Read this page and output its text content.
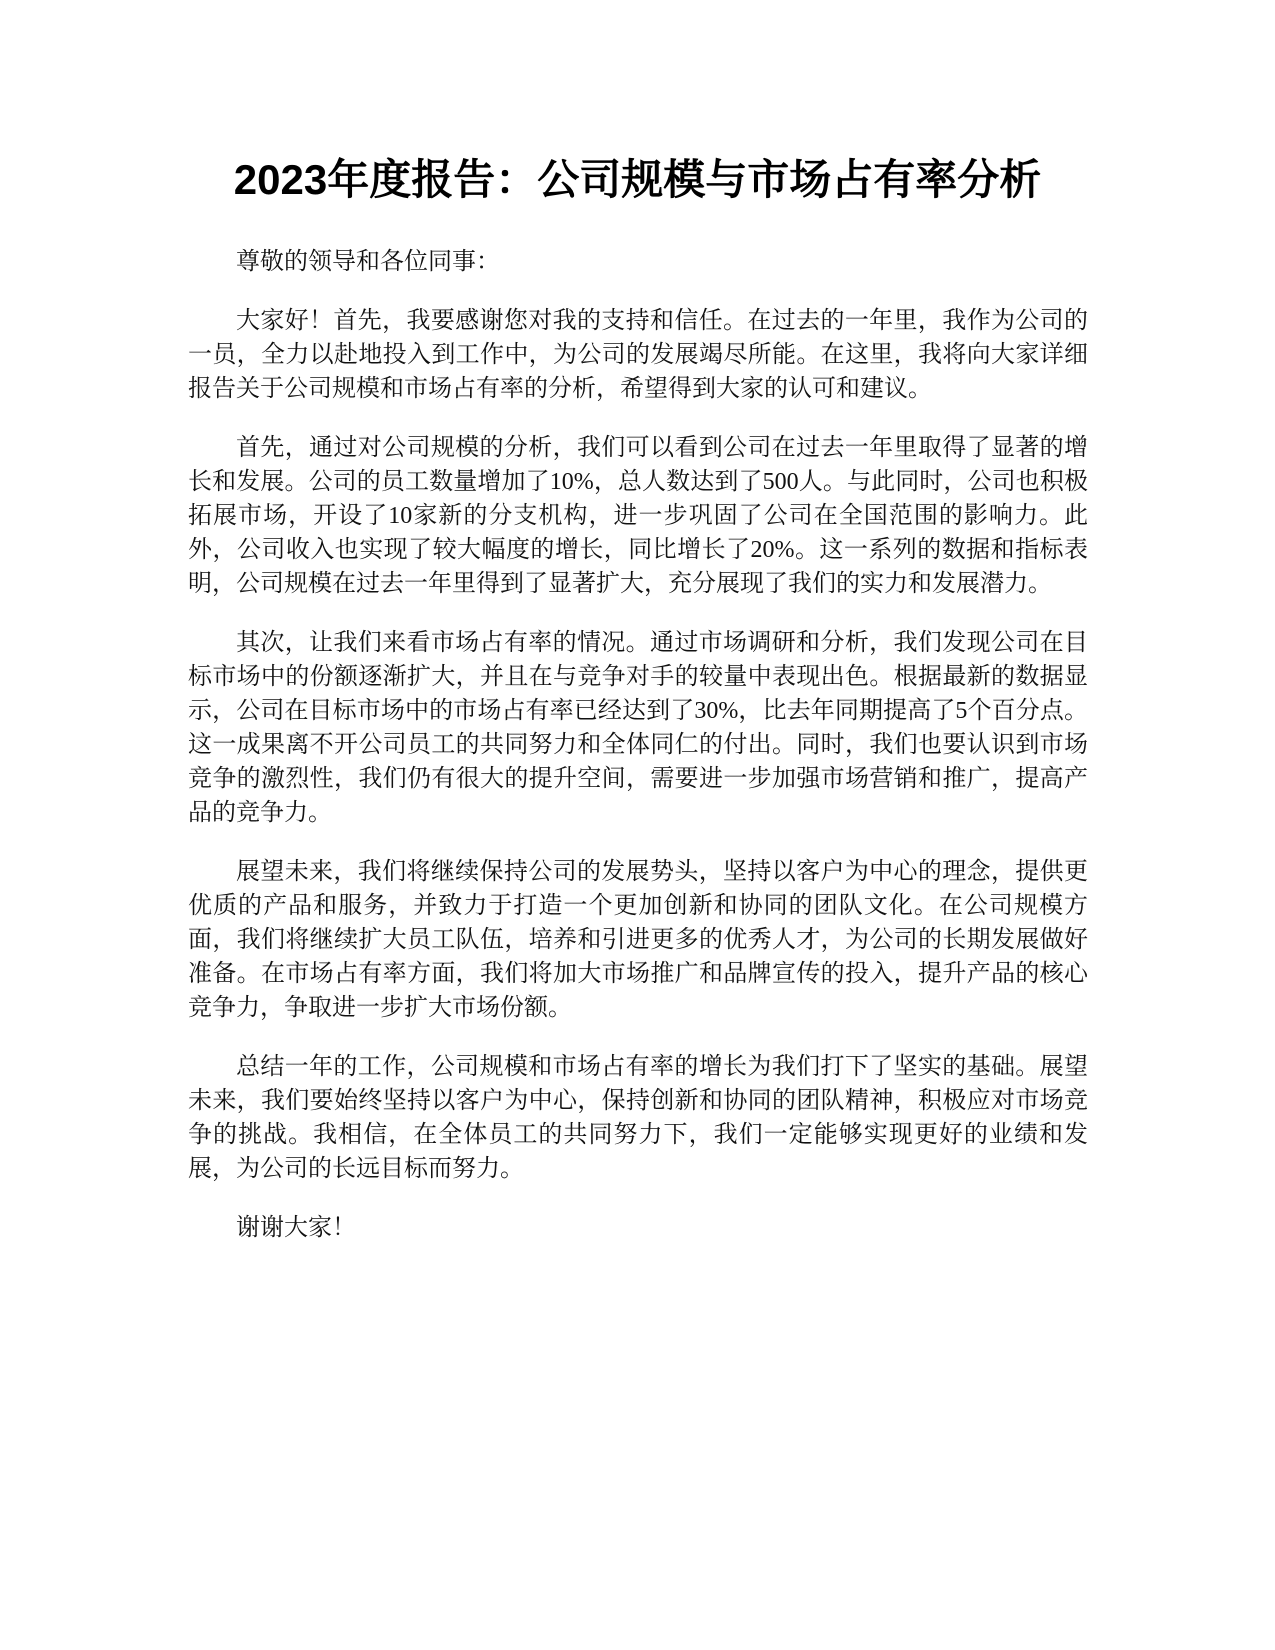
2023年度报告：公司规模与市场占有率分析

尊敬的领导和各位同事：

大家好！首先，我要感谢您对我的支持和信任。在过去的一年里，我作为公司的一员，全力以赴地投入到工作中，为公司的发展竭尽所能。在这里，我将向大家详细报告关于公司规模和市场占有率的分析，希望得到大家的认可和建议。

首先，通过对公司规模的分析，我们可以看到公司在过去一年里取得了显著的增长和发展。公司的员工数量增加了10%，总人数达到了500人。与此同时，公司也积极拓展市场，开设了10家新的分支机构，进一步巩固了公司在全国范围的影响力。此外，公司收入也实现了较大幅度的增长，同比增长了20%。这一系列的数据和指标表明，公司规模在过去一年里得到了显著扩大，充分展现了我们的实力和发展潜力。

其次，让我们来看市场占有率的情况。通过市场调研和分析，我们发现公司在目标市场中的份额逐渐扩大，并且在与竞争对手的较量中表现出色。根据最新的数据显示，公司在目标市场中的市场占有率已经达到了30%，比去年同期提高了5个百分点。这一成果离不开公司员工的共同努力和全体同仁的付出。同时，我们也要认识到市场竞争的激烈性，我们仍有很大的提升空间，需要进一步加强市场营销和推广，提高产品的竞争力。

展望未来，我们将继续保持公司的发展势头，坚持以客户为中心的理念，提供更优质的产品和服务，并致力于打造一个更加创新和协同的团队文化。在公司规模方面，我们将继续扩大员工队伍，培养和引进更多的优秀人才，为公司的长期发展做好准备。在市场占有率方面，我们将加大市场推广和品牌宣传的投入，提升产品的核心竞争力，争取进一步扩大市场份额。

总结一年的工作，公司规模和市场占有率的增长为我们打下了坚实的基础。展望未来，我们要始终坚持以客户为中心，保持创新和协同的团队精神，积极应对市场竞争的挑战。我相信，在全体员工的共同努力下，我们一定能够实现更好的业绩和发展，为公司的长远目标而努力。

谢谢大家！
